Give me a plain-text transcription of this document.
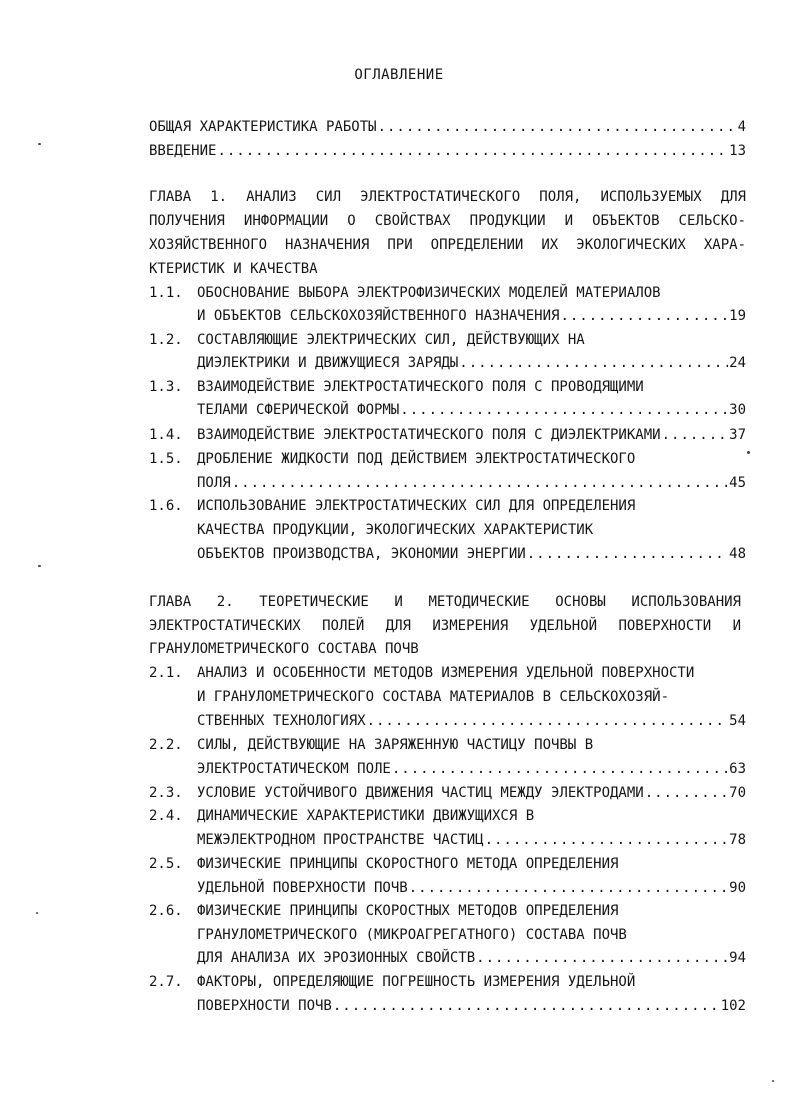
ОГЛАВЛЕНИЕ
ОБЩАЯ ХАРАКТЕРИСТИКА РАБОТЫ .....	4
ВВЕДЕНИЕ .....	13
ГЛАВА 1. АНАЛИЗ СИЛ ЭЛЕКТРОСТАТИЧЕСКОГО ПОЛЯ, ИСПОЛЬЗУЕМЫХ ДЛЯ
ПОЛУЧЕНИЯ ИНФОРМАЦИИ О СВОЙСТВАХ ПРОДУКЦИИ И ОБЪЕКТОВ СЕЛЬСКО-
ХОЗЯЙСТВЕННОГО НАЗНАЧЕНИЯ ПРИ ОПРЕДЕЛЕНИИ ИХ ЭКОЛОГИЧЕСКИХ ХАРА-
КТЕРИСТИК И КАЧЕСТВА
1.1. ОБОСНОВАНИЕ ВЫБОРА ЭЛЕКТРОФИЗИЧЕСКИХ МОДЕЛЕЙ МАТЕРИАЛОВ
И ОБЪЕКТОВ СЕЛЬСКОХОЗЯЙСТВЕННОГО НАЗНАЧЕНИЯ .....	19
1.2. СОСТАВЛЯЮЩИЕ ЭЛЕКТРИЧЕСКИХ СИЛ, ДЕЙСТВУЮЩИХ НА
ДИЭЛЕКТРИКИ И ДВИЖУЩИЕСЯ ЗАРЯДЫ .....	24
1.3. ВЗАИМОДЕЙСТВИЕ ЭЛЕКТРОСТАТИЧЕСКОГО ПОЛЯ С ПРОВОДЯЩИМИ
ТЕЛАМИ СФЕРИЧЕСКОЙ ФОРМЫ .....	30
1.4. ВЗАИМОДЕЙСТВИЕ ЭЛЕКТРОСТАТИЧЕСКОГО ПОЛЯ С ДИЭЛЕКТРИКАМИ .....	37
1.5. ДРОБЛЕНИЕ ЖИДКОСТИ ПОД ДЕЙСТВИЕМ ЭЛЕКТРОСТАТИЧЕСКОГО
ПОЛЯ .....	45
1.6. ИСПОЛЬЗОВАНИЕ ЭЛЕКТРОСТАТИЧЕСКИХ СИЛ ДЛЯ ОПРЕДЕЛЕНИЯ
КАЧЕСТВА ПРОДУКЦИИ, ЭКОЛОГИЧЕСКИХ ХАРАКТЕРИСТИК
ОБЪЕКТОВ ПРОИЗВОДСТВА, ЭКОНОМИИ ЭНЕРГИИ .....	48
ГЛАВА 2. ТЕОРЕТИЧЕСКИЕ И МЕТОДИЧЕСКИЕ ОСНОВЫ ИСПОЛЬЗОВАНИЯ
ЭЛЕКТРОСТАТИЧЕСКИХ ПОЛЕЙ ДЛЯ ИЗМЕРЕНИЯ УДЕЛЬНОЙ ПОВЕРХНОСТИ И
ГРАНУЛОМЕТРИЧЕСКОГО СОСТАВА ПОЧВ
2.1. АНАЛИЗ И ОСОБЕННОСТИ МЕТОДОВ ИЗМЕРЕНИЯ УДЕЛЬНОЙ ПОВЕРХНОСТИ
И ГРАНУЛОМЕТРИЧЕСКОГО СОСТАВА МАТЕРИАЛОВ В СЕЛЬСКОХОЗЯЙ-
СТВЕННЫХ ТЕХНОЛОГИЯХ .....	54
2.2. СИЛЫ, ДЕЙСТВУЮЩИЕ НА ЗАРЯЖЕННУЮ ЧАСТИЦУ ПОЧВЫ В
ЭЛЕКТРОСТАТИЧЕСКОМ ПОЛЕ .....	63
2.3. УСЛОВИЕ УСТОЙЧИВОГО ДВИЖЕНИЯ ЧАСТИЦ МЕЖДУ ЭЛЕКТРОДАМИ .....	70
2.4. ДИНАМИЧЕСКИЕ ХАРАКТЕРИСТИКИ ДВИЖУЩИХСЯ В
МЕЖЭЛЕКТРОДНОМ ПРОСТРАНСТВЕ ЧАСТИЦ .....	78
2.5. ФИЗИЧЕСКИЕ ПРИНЦИПЫ СКОРОСТНОГО МЕТОДА ОПРЕДЕЛЕНИЯ
УДЕЛЬНОЙ ПОВЕРХНОСТИ ПОЧВ .....	90
2.6. ФИЗИЧЕСКИЕ ПРИНЦИПЫ СКОРОСТНЫХ МЕТОДОВ ОПРЕДЕЛЕНИЯ
ГРАНУЛОМЕТРИЧЕСКОГО (МИКРОАГРЕГАТНОГО) СОСТАВА ПОЧВ
ДЛЯ АНАЛИЗА ИХ ЭРОЗИОННЫХ СВОЙСТВ .....	94
2.7. ФАКТОРЫ, ОПРЕДЕЛЯЮЩИЕ ПОГРЕШНОСТЬ ИЗМЕРЕНИЯ УДЕЛЬНОЙ
ПОВЕРХНОСТИ ПОЧВ .....	102
